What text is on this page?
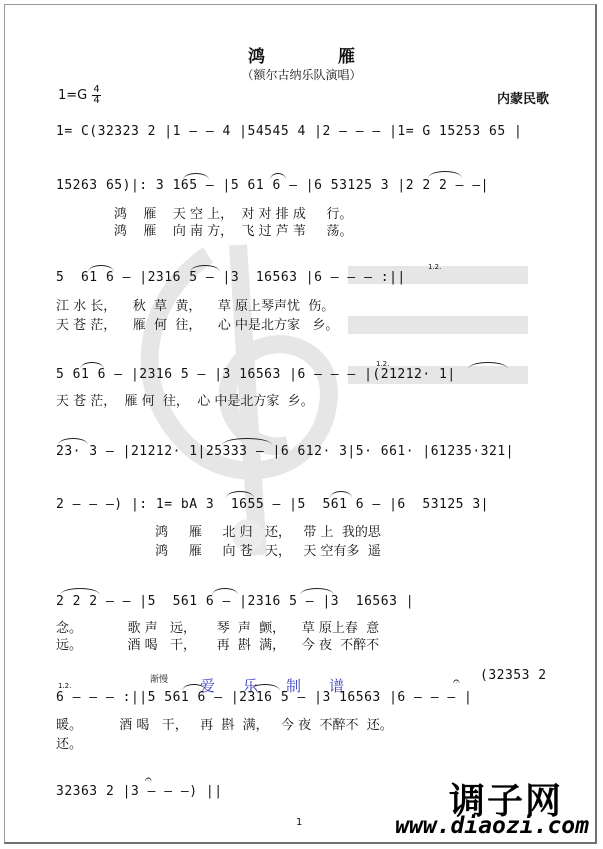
鸿　雁
（额尔古纳乐队演唱）
1=G 4
4	内蒙民歌
1= C(32323 2 |1 — — 4 |54545 4 |2 — — — |1= G 15253 65 |
15263 65)|: 3 165 — |5 61 6 — |6 53125 3 |2 2 2 — —|
鸿    雁    天 空 上，  对 对 排 成     行。
鸿    雁    向 南 方，  飞 过 芦 苇     荡。
5  61 6 — |2316 5 — |3  16563 |6 — — — :||
1.2.
江 水 长，    秋  草  黄，    草 原上琴声忧  伤。
天 苍 茫，    雁  何  往，    心 中是北方家   乡。
5 61 6 — |2316 5 — |3 16563 |6 — — — |(21212· 1|
1.2.
天 苍 茫，  雁 何  往，  心 中是北方家  乡。
23· 3 — |21212· 1|25333 — |6 612· 3|5· 661· |61235·321|
2 — — —) |: 1= bA 3  1655 — |5  561 6 — |6  53125 3|
鸿     雁     北 归   还，   带 上  我的思
鸿     雁     向 苍   天，   天 空有多  遥
2 2 2 — — |5  561 6 — |2316 5 — |3  16563 |
念。           歌 声   远，     琴  声  颤，    草 原上春  意
远。           酒 喝   干，     再  斟  满，    今 夜  不醉不
渐慢 爱乐制谱
1.2.
6 — — — :||5 561 6 — |2316 5 — |3 16563 |6 — — — |
(32353 2
𝄐
暖。         酒 喝   干，   再  斟  满，   今 夜  不醉不  还。
还。
𝄐
32363 2 |3 — — —) ||	调子网
www.diaozi.com
1
